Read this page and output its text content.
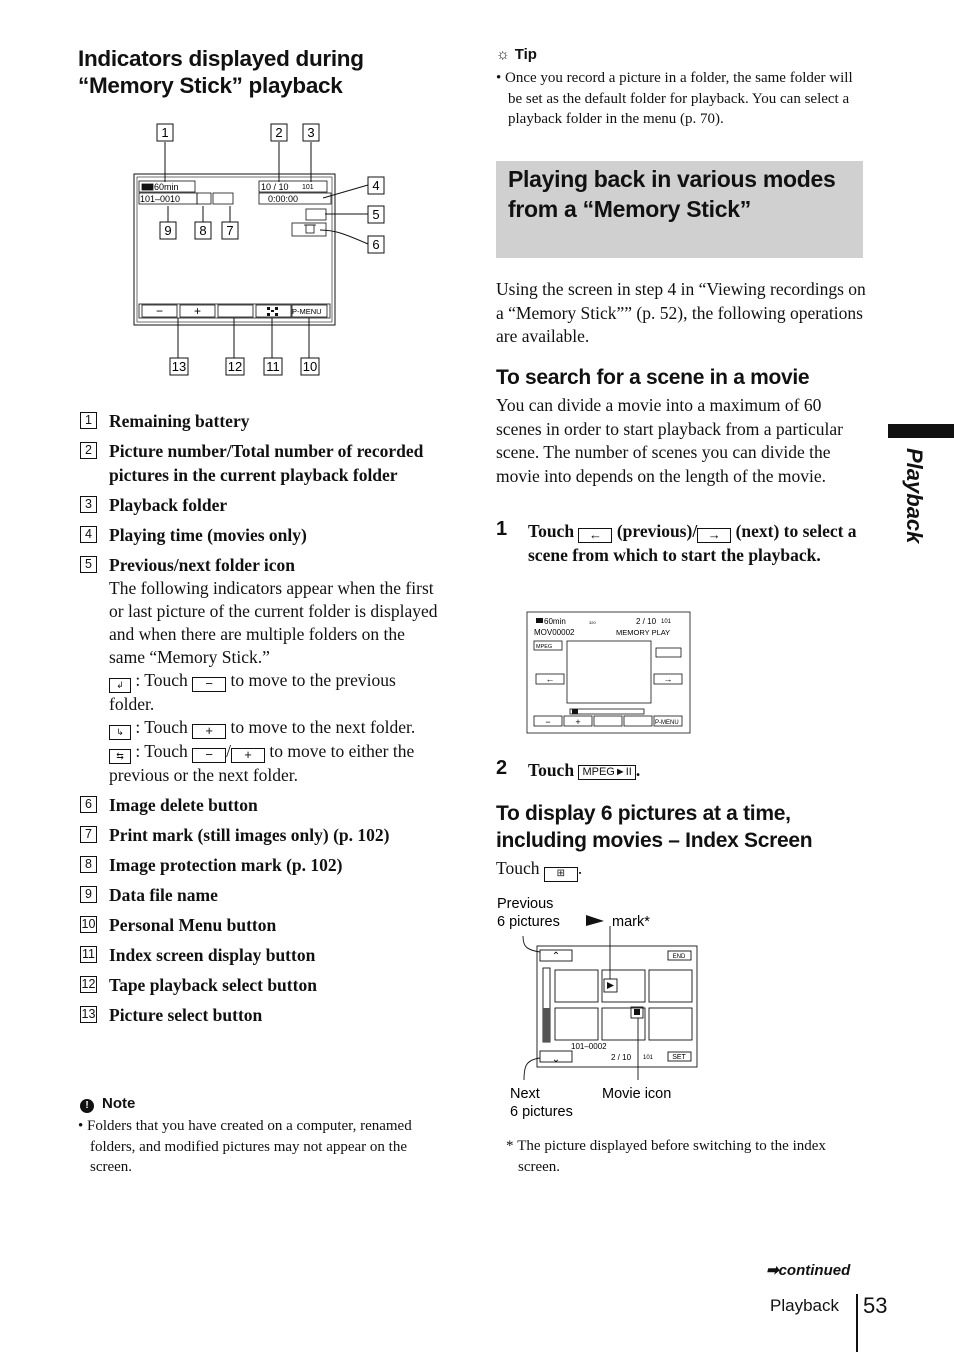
Indicators displayed during “Memory Stick” playback
60min
101–0010
10 / 10 101
0:00:00
−	+	P-MENU
1	2 3
4
5
6
7
8
9
10
11
12
13
1 Remaining battery
2 Picture number/Total number of recorded pictures in the current playback folder
3 Playback folder
4 Playing time (movies only)
5 Previous/next folder icon
The following indicators appear when the first or last picture of the current folder is displayed and when there are multiple folders on the same “Memory Stick.”
↲ : Touch − to move to the previous folder.
↳ : Touch + to move to the next folder.
⇆ : Touch − / + to move to either the previous or the next folder.
6 Image delete button
7 Print mark (still images only) (p. 102)
8 Image protection mark (p. 102)
9 Data file name
10 Personal Menu button
11 Index screen display button
12 Tape playback select button
13 Picture select button
! Note
• Folders that you have created on a computer, renamed folders, and modified pictures may not appear on the screen.
☼ Tip
• Once you record a picture in a folder, the same folder will be set as the default folder for playback. You can select a playback folder in the menu (p. 70).
Playing back in various modes from a “Memory Stick”

Using the screen in step 4 in “Viewing recordings on a “Memory Stick”” (p. 52), the following operations are available.

To search for a scene in a movie

You can divide a movie into a maximum of 60 scenes in order to start playback from a particular scene. The number of scenes you can divide the movie into depends on the length of the movie.

1 Touch ← (previous)/ → (next) to select a scene from which to start the playback.
60min	320	2 / 10 101
MOV00002	MEMORY PLAY
MPEG
P-MENU
←	→
−	+
2 Touch MPEG►II .
To display 6 pictures at a time, including movies – Index Screen
Touch ⊞ .
Previous
6 pictures	mark*
Next
6 pictures
Movie icon
⌃
⌄
END
SET
101–0002
2 / 10 101
* The picture displayed before switching to the index screen.
Playback
➡continued
Playback 53
